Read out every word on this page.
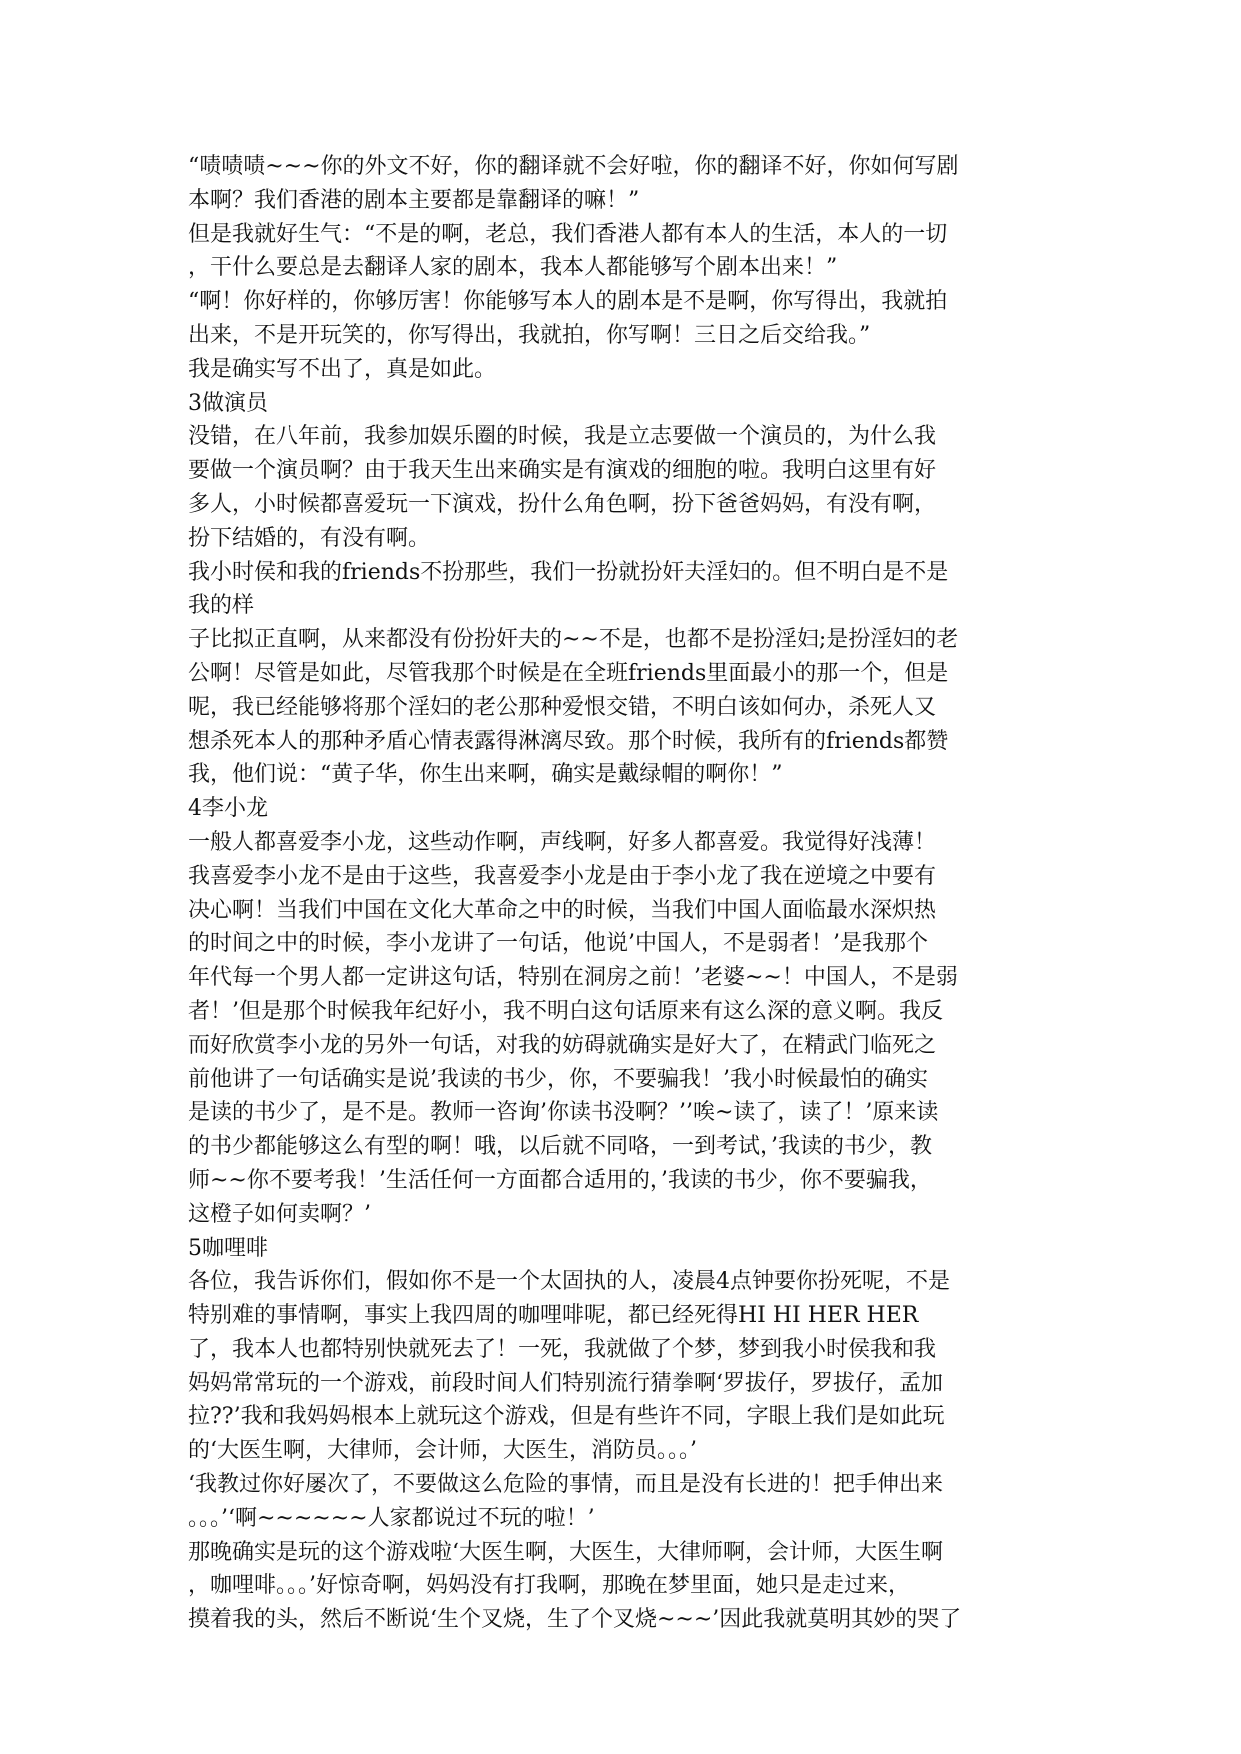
“啧啧啧~~~你的外文不好，你的翻译就不会好啦，你的翻译不好，你如何写剧
本啊？我们香港的剧本主要都是靠翻译的嘛！”
但是我就好生气：“不是的啊，老总，我们香港人都有本人的生活，本人的一切
，干什么要总是去翻译人家的剧本，我本人都能够写个剧本出来！”
“啊！你好样的，你够厉害！你能够写本人的剧本是不是啊，你写得出，我就拍
出来，不是开玩笑的，你写得出，我就拍，你写啊！三日之后交给我。”
我是确实写不出了，真是如此。
3做演员
没错，在八年前，我参加娱乐圈的时候，我是立志要做一个演员的，为什么我
要做一个演员啊？由于我天生出来确实是有演戏的细胞的啦。我明白这里有好
多人，小时候都喜爱玩一下演戏，扮什么角色啊，扮下爸爸妈妈，有没有啊，
扮下结婚的，有没有啊。
我小时侯和我的friends不扮那些，我们一扮就扮奸夫淫妇的。但不明白是不是
我的样
子比拟正直啊，从来都没有份扮奸夫的~~不是，也都不是扮淫妇;是扮淫妇的老
公啊！尽管是如此，尽管我那个时候是在全班friends里面最小的那一个，但是
呢，我已经能够将那个淫妇的老公那种爱恨交错，不明白该如何办，杀死人又
想杀死本人的那种矛盾心情表露得淋漓尽致。那个时候，我所有的friends都赞
我，他们说：“黄子华，你生出来啊，确实是戴绿帽的啊你！”
4李小龙
一般人都喜爱李小龙，这些动作啊，声线啊，好多人都喜爱。我觉得好浅薄！
我喜爱李小龙不是由于这些，我喜爱李小龙是由于李小龙了我在逆境之中要有
决心啊！当我们中国在文化大革命之中的时候，当我们中国人面临最水深炽热
的时间之中的时候，李小龙讲了一句话，他说’中国人，不是弱者！’是我那个
年代每一个男人都一定讲这句话，特别在洞房之前！’老婆~~！中国人，不是弱
者！’但是那个时候我年纪好小，我不明白这句话原来有这么深的意义啊。我反
而好欣赏李小龙的另外一句话，对我的妨碍就确实是好大了，在精武门临死之
前他讲了一句话确实是说’我读的书少，你，不要骗我！’我小时候最怕的确实
是读的书少了，是不是。教师一咨询’你读书没啊？’’唉~读了，读了！’原来读
的书少都能够这么有型的啊！哦，以后就不同咯，一到考试，’我读的书少，教
师~~你不要考我！’生活任何一方面都合适用的，’我读的书少，你不要骗我，
这橙子如何卖啊？’
5咖哩啡
各位，我告诉你们，假如你不是一个太固执的人，凌晨4点钟要你扮死呢，不是
特别难的事情啊，事实上我四周的咖哩啡呢，都已经死得HI HI HER HER
了，我本人也都特别快就死去了！一死，我就做了个梦，梦到我小时侯我和我
妈妈常常玩的一个游戏，前段时间人们特别流行猜拳啊‘罗拔仔，罗拔仔，孟加
拉??’我和我妈妈根本上就玩这个游戏，但是有些许不同，字眼上我们是如此玩
的‘大医生啊，大律师，会计师，大医生，消防员。。。’
‘我教过你好屡次了，不要做这么危险的事情，而且是没有长进的！把手伸出来
。。。’‘啊~~~~~~人家都说过不玩的啦！’
那晚确实是玩的这个游戏啦‘大医生啊，大医生，大律师啊，会计师，大医生啊
，咖哩啡。。。’好惊奇啊，妈妈没有打我啊，那晚在梦里面，她只是走过来，
摸着我的头，然后不断说‘生个叉烧，生了个叉烧~~~’因此我就莫明其妙的哭了
